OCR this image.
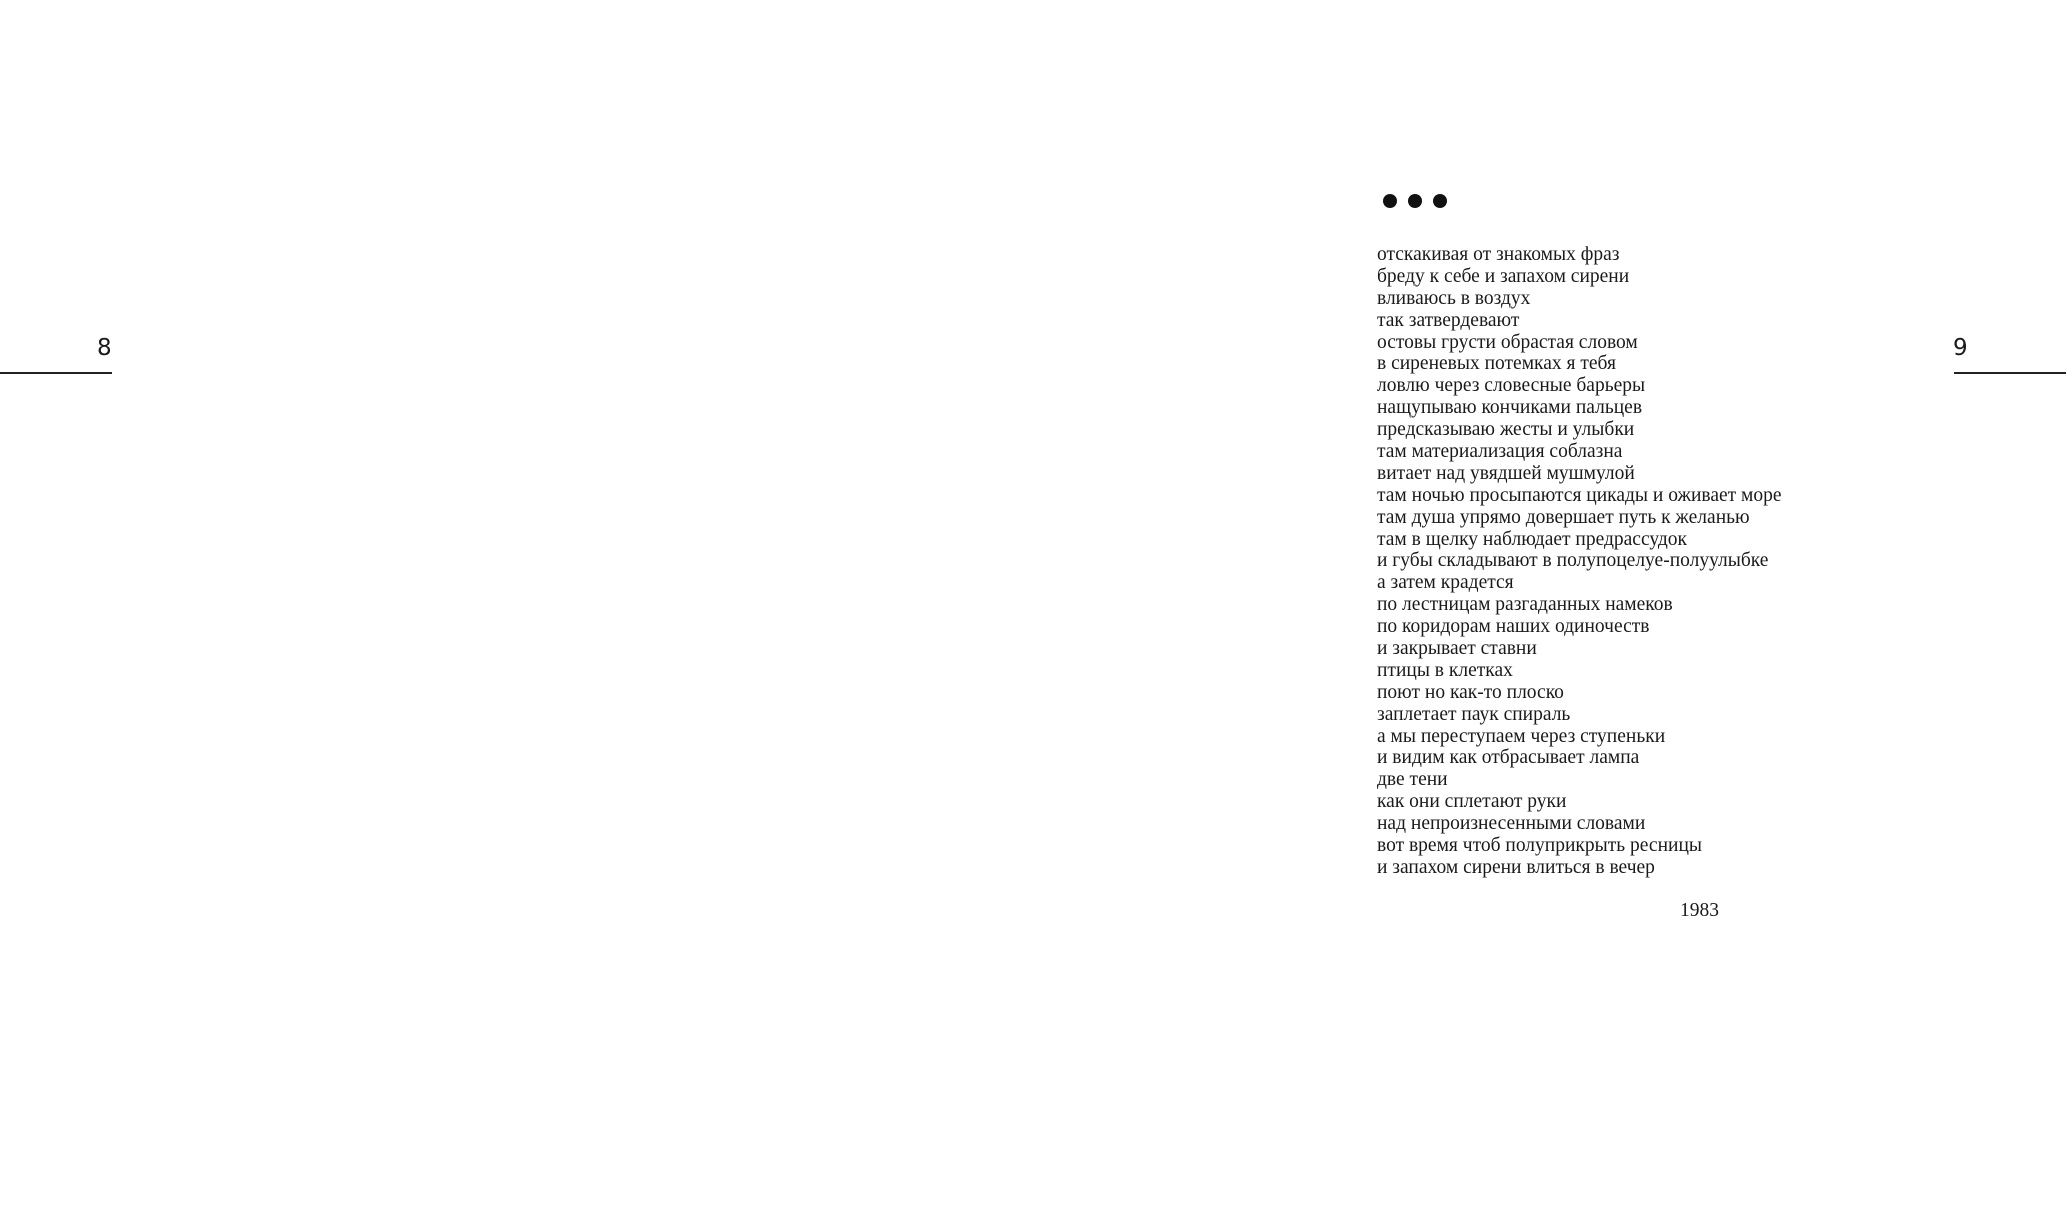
8	9
отскакивая от знакомых фраз
бреду к себе и запахом сирени
вливаюсь в воздух
так затвердевают
остовы грусти обрастая словом
в сиреневых потемках я тебя
ловлю через словесные барьеры
нащупываю кончиками пальцев
предсказываю жесты и улыбки
там материализация соблазна
витает над увядшей мушмулой
там ночью просыпаются цикады и оживает море
там душа упрямо довершает путь к желанью
там в щелку наблюдает предрассудок
и губы складывают в полупоцелуе-полуулыбке
а затем крадется
по лестницам разгаданных намеков
по коридорам наших одиночеств
и закрывает ставни
птицы в клетках
поют но как-то плоско
заплетает паук спираль
а мы переступаем через ступеньки
и видим как отбрасывает лампа
две тени
как они сплетают руки
над непроизнесенными словами
вот время чтоб полуприкрыть ресницы
и запахом сирени влиться в вечер
1983
